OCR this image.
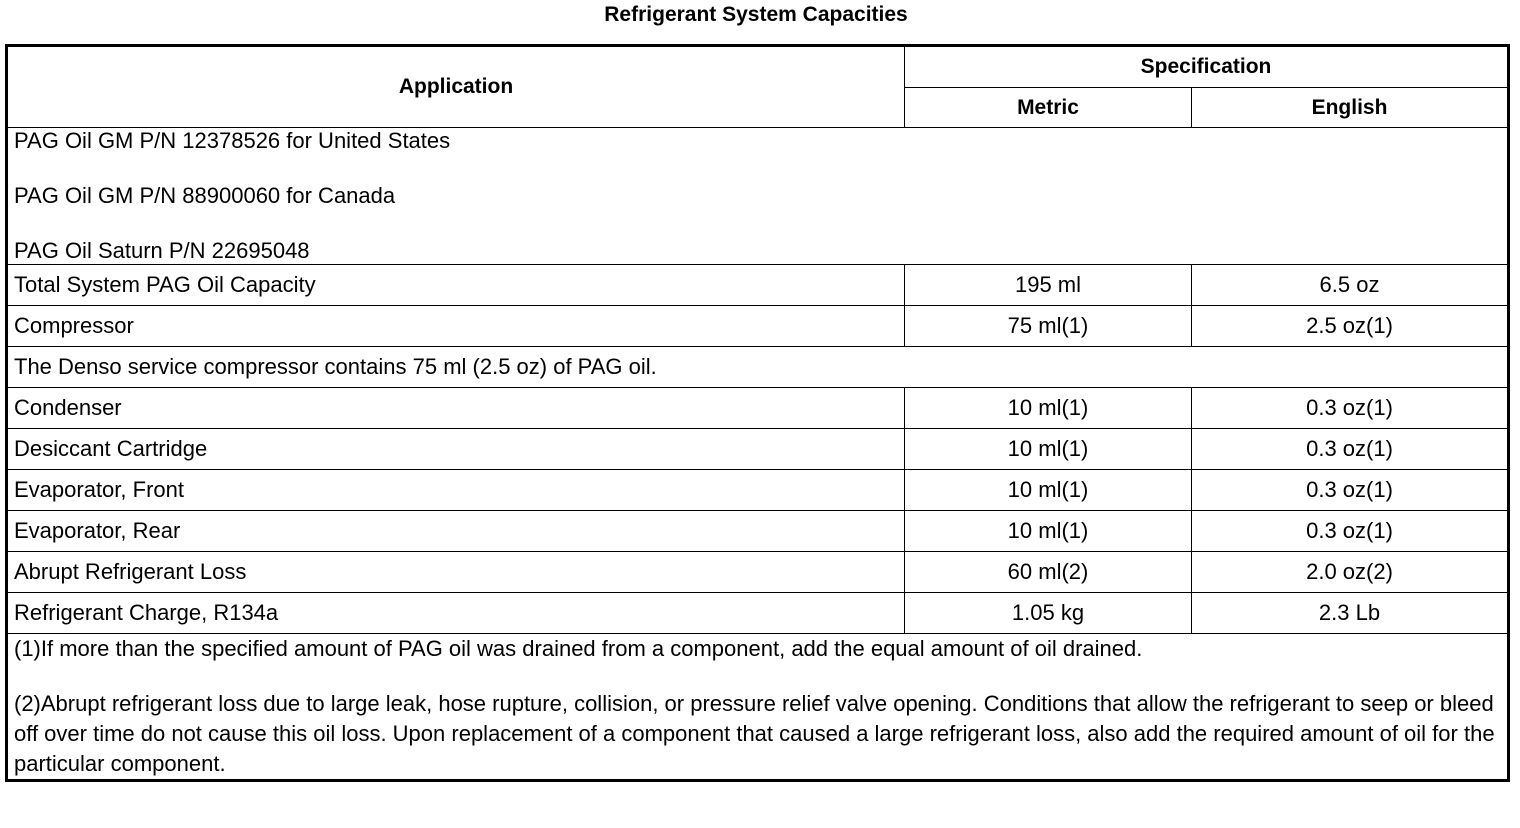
Refrigerant System Capacities
Application	Specification	
	Metric	English

PAG Oil GM P/N 12378526 for United States

PAG Oil GM P/N 88900060 for Canada

PAG Oil Saturn P/N 22695048		

Total System PAG Oil Capacity	195 ml	6.5 oz
Compressor	75 ml(1)	2.5 oz(1)
The Denso service compressor contains 75 ml (2.5 oz) of PAG oil.		
Condenser	10 ml(1)	0.3 oz(1)
Desiccant Cartridge	10 ml(1)	0.3 oz(1)
Evaporator, Front	10 ml(1)	0.3 oz(1)
Evaporator, Rear	10 ml(1)	0.3 oz(1)
Abrupt Refrigerant Loss	60 ml(2)	2.0 oz(2)
Refrigerant Charge, R134a	1.05 kg	2.3 Lb

(1)If more than the specified amount of PAG oil was drained from a component, add the equal amount of oil drained.

(2)Abrupt refrigerant loss due to large leak, hose rupture, collision, or pressure relief valve opening. Conditions that allow the refrigerant to seep or bleed off over time do not cause this oil loss. Upon replacement of a component that caused a large refrigerant loss, also add the required amount of oil for the particular component.		
